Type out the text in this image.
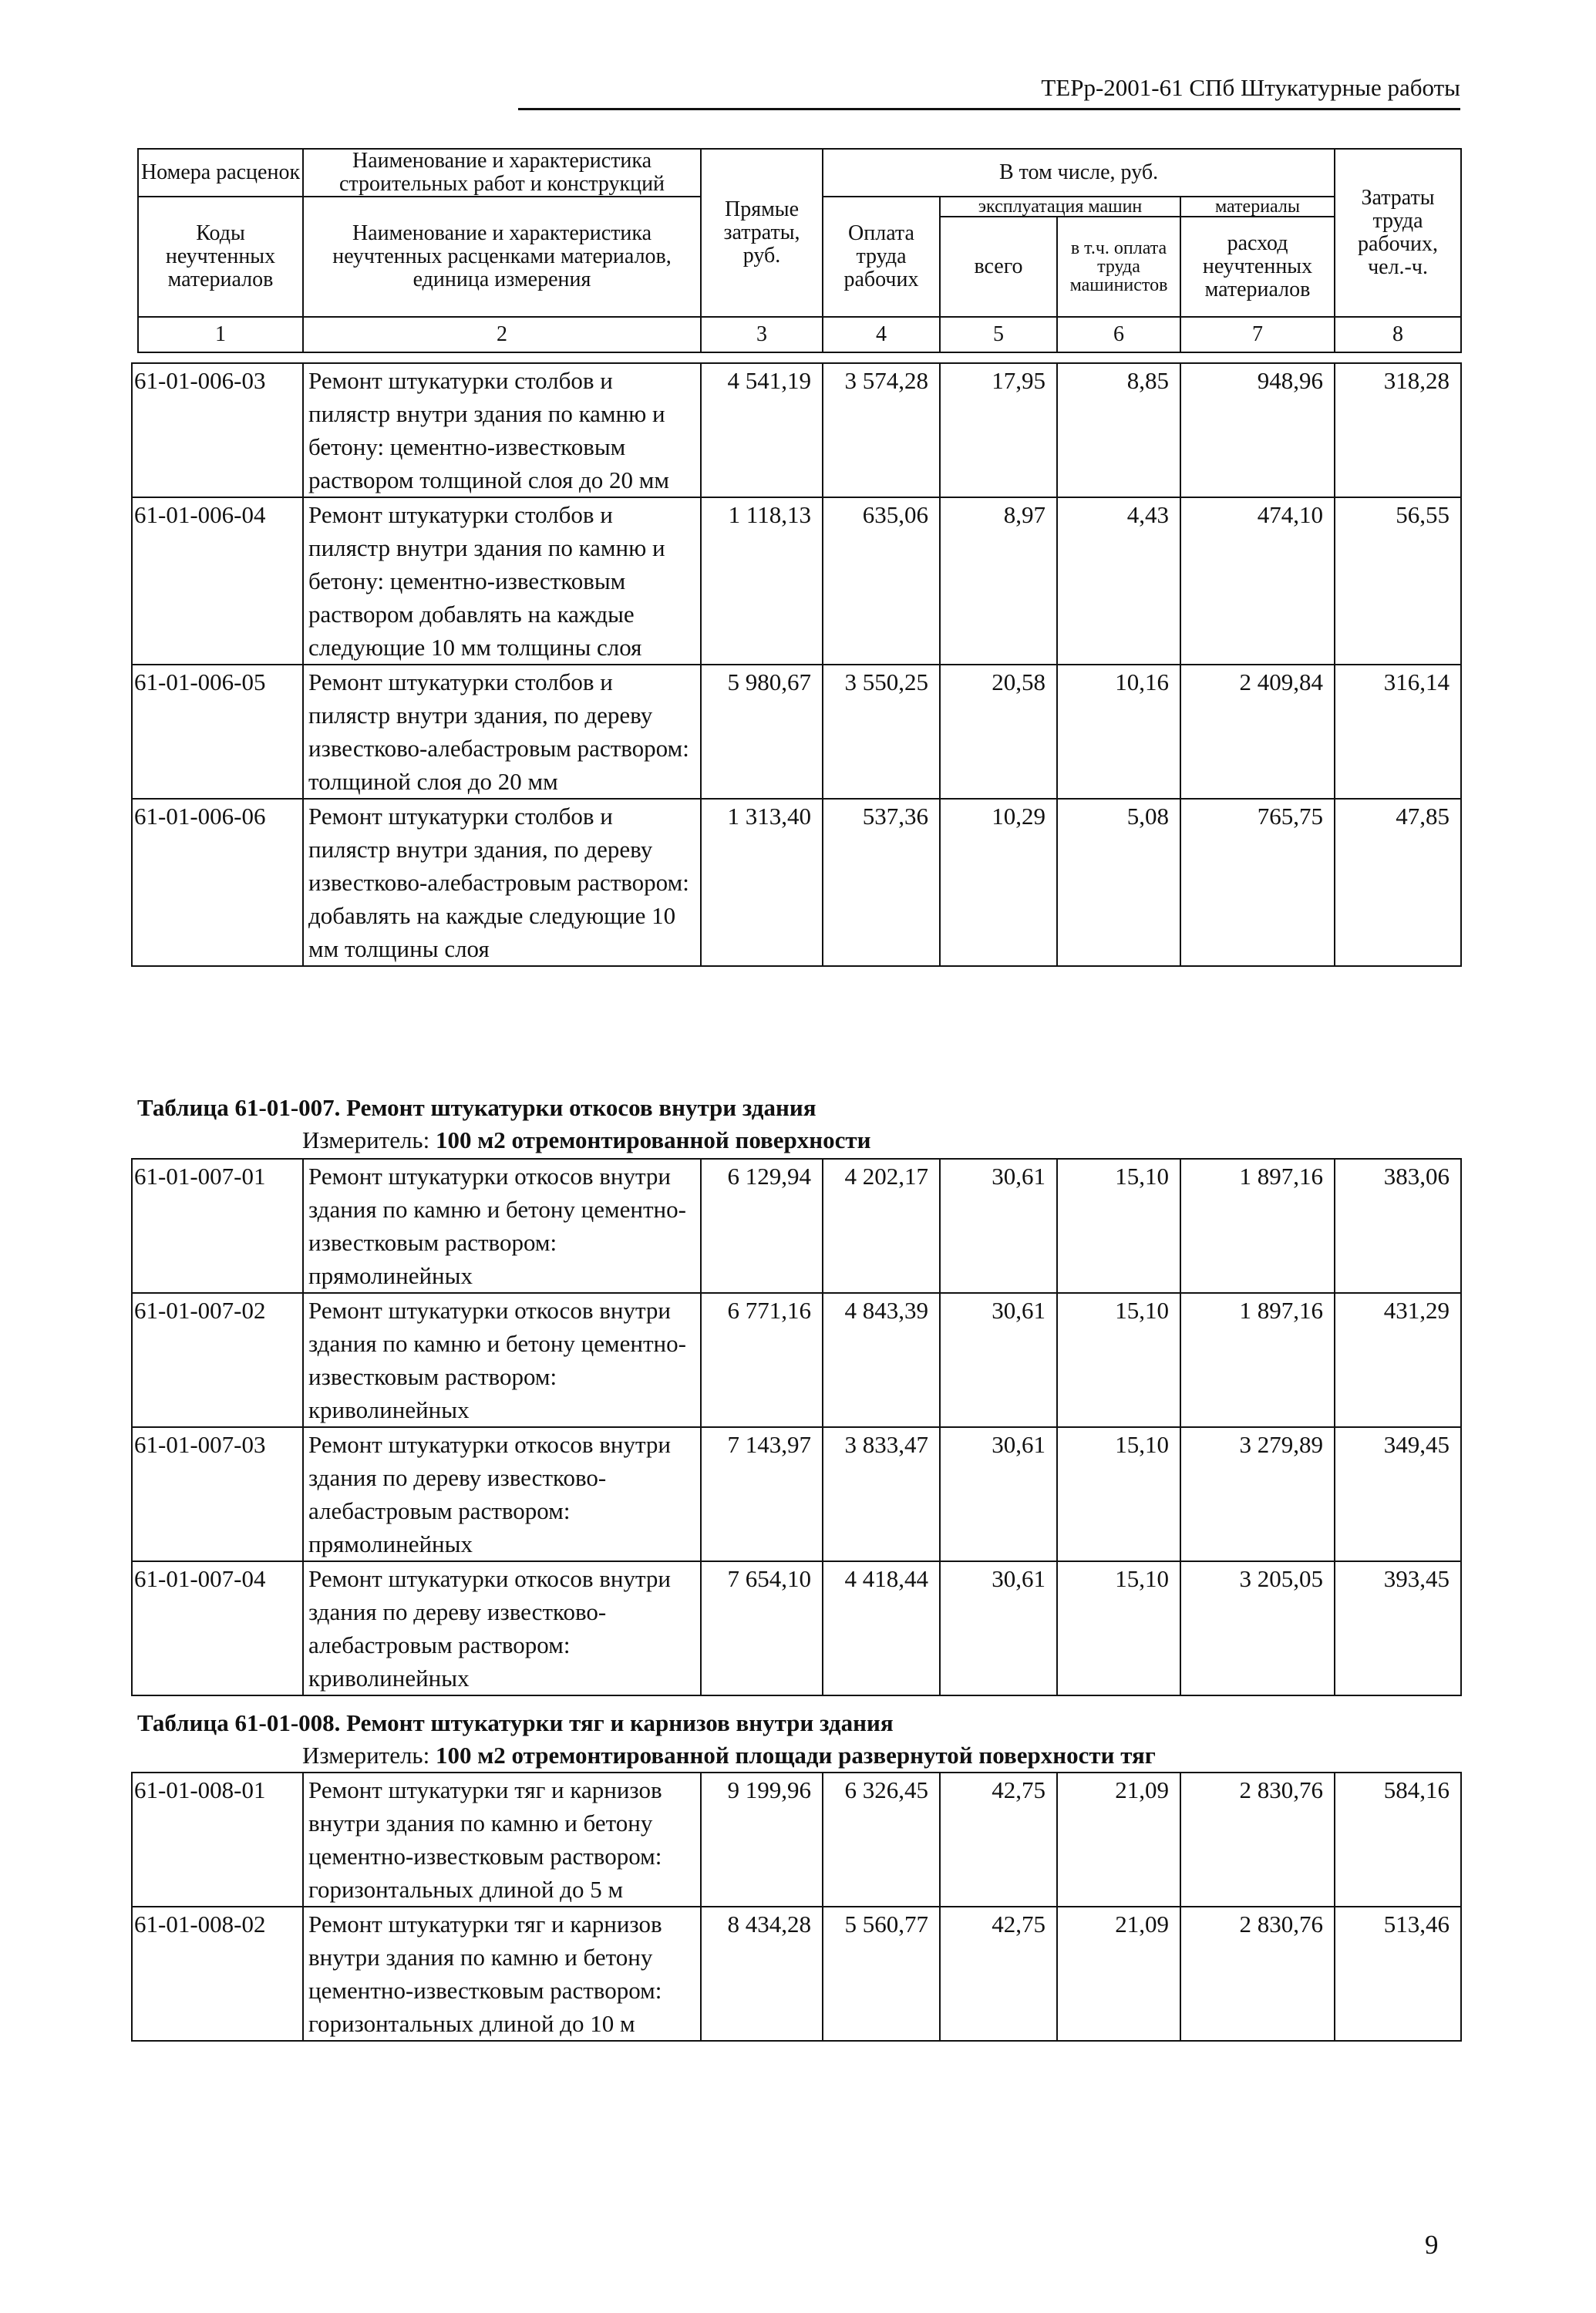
ТЕРр-2001-61 СПб Штукатурные работы
Номера расценок	Наименование и характеристика строительных работ и конструкций	Прямые затраты, руб.	В том числе, руб.				Затраты труда рабочих, чел.-ч.
Коды неучтенных материалов	Наименование и характеристика неучтенных расценками материалов, единица измерения		Оплата труда рабочих	эксплуатация машин		материалы	
				всего	в т.ч. оплата труда машинистов	расход неучтенных материалов	

1	2	3	4	5	6	7	8
61-01-006-03	Ремонт штукатурки столбов и пилястр внутри здания по камню и бетону: цементно-известковым раствором толщиной слоя до 20 мм	4 541,19	3 574,28	17,95	8,85	948,96	318,28
61-01-006-04	Ремонт штукатурки столбов и пилястр внутри здания по камню и бетону: цементно-известковым раствором добавлять на каждые следующие 10 мм толщины слоя	1 118,13	635,06	8,97	4,43	474,10	56,55
61-01-006-05	Ремонт штукатурки столбов и пилястр внутри здания, по дереву известково-алебастровым раствором: толщиной слоя до 20 мм	5 980,67	3 550,25	20,58	10,16	2 409,84	316,14
61-01-006-06	Ремонт штукатурки столбов и пилястр внутри здания, по дереву известково-алебастровым раствором: добавлять на каждые следующие 10 мм толщины слоя	1 313,40	537,36	10,29	5,08	765,75	47,85
Таблица 61-01-007. Ремонт штукатурки откосов внутри здания
Измеритель: 100 м2 отремонтированной поверхности
61-01-007-01	Ремонт штукатурки откосов внутри здания по камню и бетону цементно-известковым раствором: прямолинейных	6 129,94	4 202,17	30,61	15,10	1 897,16	383,06
61-01-007-02	Ремонт штукатурки откосов внутри здания по камню и бетону цементно-известковым раствором: криволинейных	6 771,16	4 843,39	30,61	15,10	1 897,16	431,29
61-01-007-03	Ремонт штукатурки откосов внутри здания по дереву известково-алебастровым раствором: прямолинейных	7 143,97	3 833,47	30,61	15,10	3 279,89	349,45
61-01-007-04	Ремонт штукатурки откосов внутри здания по дереву известково-алебастровым раствором: криволинейных	7 654,10	4 418,44	30,61	15,10	3 205,05	393,45
Таблица 61-01-008. Ремонт штукатурки тяг и карнизов внутри здания
Измеритель: 100 м2 отремонтированной площади развернутой поверхности тяг
61-01-008-01	Ремонт штукатурки тяг и карнизов внутри здания по камню и бетону цементно-известковым раствором: горизонтальных длиной до 5 м	9 199,96	6 326,45	42,75	21,09	2 830,76	584,16
61-01-008-02	Ремонт штукатурки тяг и карнизов внутри здания по камню и бетону цементно-известковым раствором: горизонтальных длиной до 10 м	8 434,28	5 560,77	42,75	21,09	2 830,76	513,46
9
